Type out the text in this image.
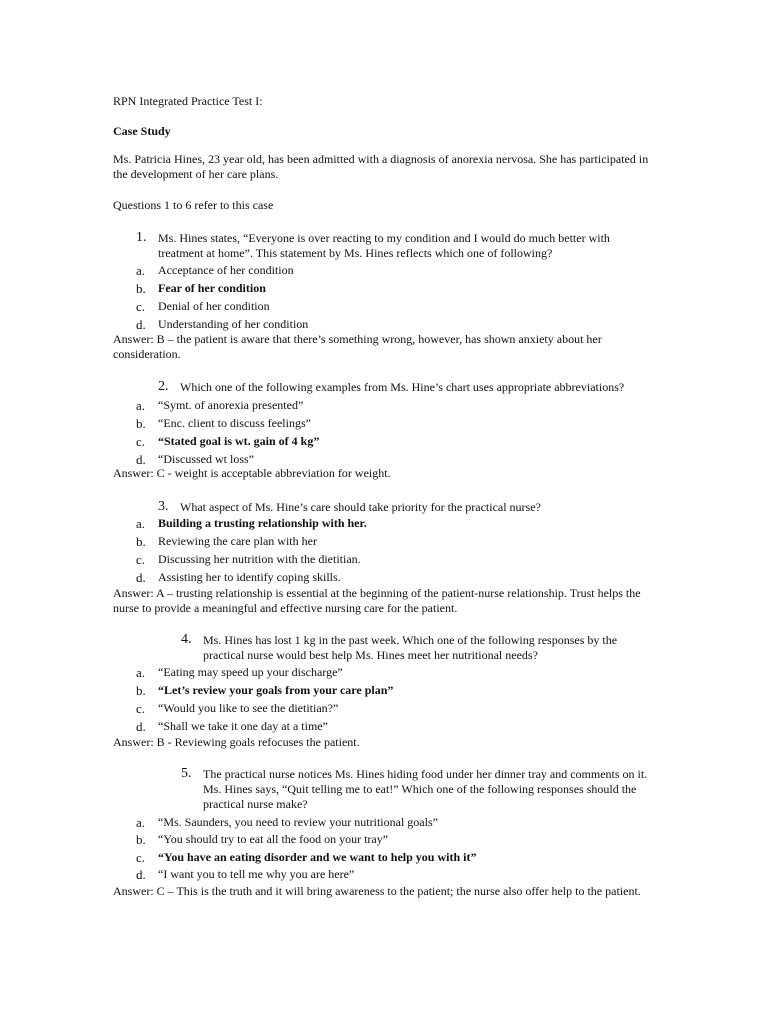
RPN Integrated Practice Test I:
Case Study
Ms. Patricia Hines, 23 year old, has been admitted with a diagnosis of anorexia nervosa. She has participated in the development of her care plans.
Questions 1 to 6 refer to this case
1. Ms. Hines states, “Everyone is over reacting to my condition and I would do much better with treatment at home”. This statement by Ms. Hines reflects which one of following?
a. Acceptance of her condition
b. Fear of her condition
c. Denial of her condition
d. Understanding of her condition
Answer: B – the patient is aware that there’s something wrong, however, has shown anxiety about her consideration.
2. Which one of the following examples from Ms. Hine’s chart uses appropriate abbreviations?
a. “Symt. of anorexia presented”
b. “Enc. client to discuss feelings”
c. “Stated goal is wt. gain of 4 kg”
d. “Discussed wt loss”
Answer: C - weight is acceptable abbreviation for weight.
3. What aspect of Ms. Hine’s care should take priority for the practical nurse?
a. Building a trusting relationship with her.
b. Reviewing the care plan with her
c. Discussing her nutrition with the dietitian.
d. Assisting her to identify coping skills.
Answer: A – trusting relationship is essential at the beginning of the patient-nurse relationship. Trust helps the nurse to provide a meaningful and effective nursing care for the patient.
4. Ms. Hines has lost 1 kg in the past week. Which one of the following responses by the practical nurse would best help Ms. Hines meet her nutritional needs?
a. “Eating may speed up your discharge”
b. “Let’s review your goals from your care plan”
c. “Would you like to see the dietitian?”
d. “Shall we take it one day at a time”
Answer: B - Reviewing goals refocuses the patient.
5. The practical nurse notices Ms. Hines hiding food under her dinner tray and comments on it. Ms. Hines says, “Quit telling me to eat!” Which one of the following responses should the practical nurse make?
a. “Ms. Saunders, you need to review your nutritional goals”
b. “You should try to eat all the food on your tray”
c. “You have an eating disorder and we want to help you with it”
d. “I want you to tell me why you are here”
Answer: C – This is the truth and it will bring awareness to the patient; the nurse also offer help to the patient.
